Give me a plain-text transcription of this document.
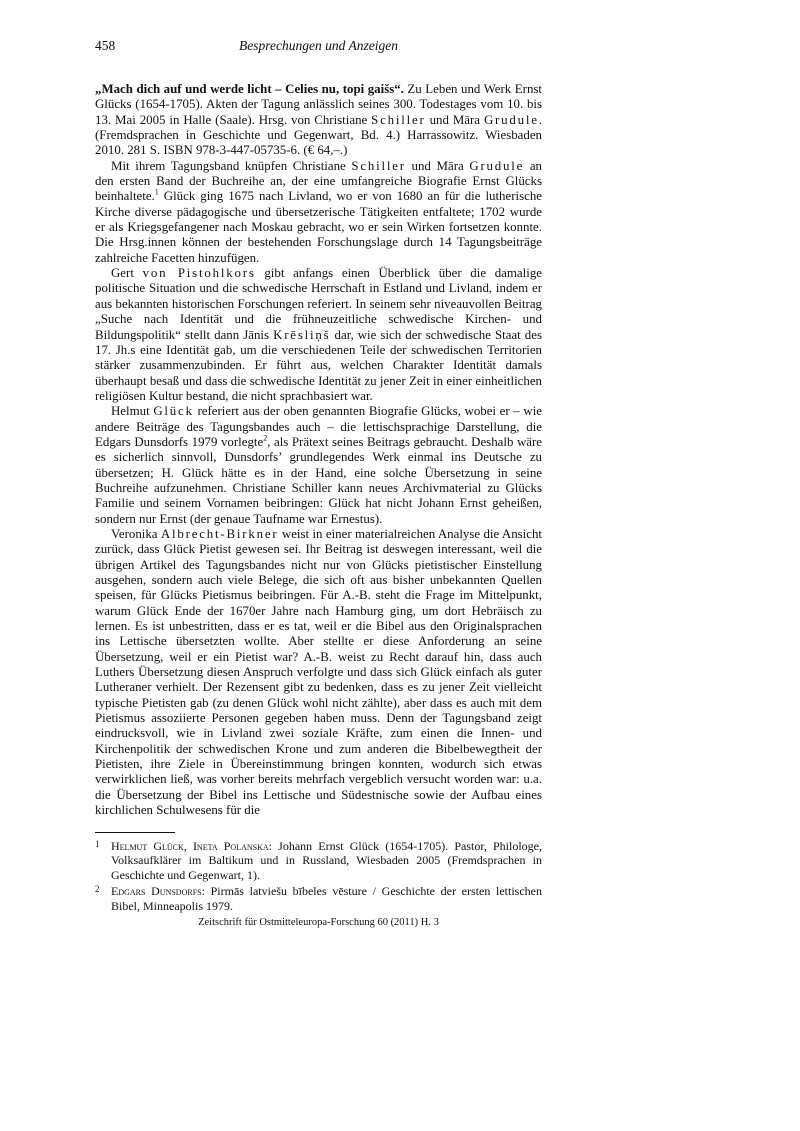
458	Besprechungen und Anzeigen

„Mach dich auf und werde licht – Celies nu, topi gaišs“. Zu Leben und Werk Ernst Glücks (1654-1705). Akten der Tagung anlässlich seines 300. Todestages vom 10. bis 13. Mai 2005 in Halle (Saale). Hrsg. von Christiane Schiller und Māra Grudule. (Fremdsprachen in Geschichte und Gegenwart, Bd. 4.) Harrassowitz. Wiesbaden 2010. 281 S. ISBN 978-3-447-05735-6. (€ 64,–.)

Mit ihrem Tagungsband knüpfen Christiane Schiller und Māra Grudule an den ersten Band der Buchreihe an, der eine umfangreiche Biografie Ernst Glücks beinhaltete.$^1$ Glück ging 1675 nach Livland, wo er von 1680 an für die lutherische Kirche diverse pädagogische und übersetzerische Tätigkeiten entfaltete; 1702 wurde er als Kriegsgefangener nach Moskau gebracht, wo er sein Wirken fortsetzen konnte. Die Hrsg.innen können der bestehenden Forschungslage durch 14 Tagungsbeiträge zahlreiche Facetten hinzufügen.

Gert von Pistohlkors gibt anfangs einen Überblick über die damalige politische Situation und die schwedische Herrschaft in Estland und Livland, indem er aus bekannten historischen Forschungen referiert. In seinem sehr niveauvollen Beitrag „Suche nach Identität und die frühneuzeitliche schwedische Kirchen- und Bildungspolitik“ stellt dann Jānis Krēsliņš dar, wie sich der schwedische Staat des 17. Jh.s eine Identität gab, um die verschiedenen Teile der schwedischen Territorien stärker zusammenzubinden. Er führt aus, welchen Charakter Identität damals überhaupt besaß und dass die schwedische Identität zu jener Zeit in einer einheitlichen religiösen Kultur bestand, die nicht sprachbasiert war.

Helmut Glück referiert aus der oben genannten Biografie Glücks, wobei er – wie andere Beiträge des Tagungsbandes auch – die lettischsprachige Darstellung, die Edgars Dunsdorfs 1979 vorlegte$^2$, als Prätext seines Beitrags gebraucht. Deshalb wäre es sicherlich sinnvoll, Dunsdorfs’ grundlegendes Werk einmal ins Deutsche zu übersetzen; H. Glück hätte es in der Hand, eine solche Übersetzung in seine Buchreihe aufzunehmen. Christiane Schiller kann neues Archivmaterial zu Glücks Familie und seinem Vornamen beibringen: Glück hat nicht Johann Ernst geheißen, sondern nur Ernst (der genaue Taufname war Ernestus).

Veronika Albrecht-Birkner weist in einer materialreichen Analyse die Ansicht zurück, dass Glück Pietist gewesen sei. Ihr Beitrag ist deswegen interessant, weil die übrigen Artikel des Tagungsbandes nicht nur von Glücks pietistischer Einstellung ausgehen, sondern auch viele Belege, die sich oft aus bisher unbekannten Quellen speisen, für Glücks Pietismus beibringen. Für A.-B. steht die Frage im Mittelpunkt, warum Glück Ende der 1670er Jahre nach Hamburg ging, um dort Hebräisch zu lernen. Es ist unbestritten, dass er es tat, weil er die Bibel aus den Originalsprachen ins Lettische übersetzten wollte. Aber stellte er diese Anforderung an seine Übersetzung, weil er ein Pietist war? A.-B. weist zu Recht darauf hin, dass auch Luthers Übersetzung diesen Anspruch verfolgte und dass sich Glück einfach als guter Lutheraner verhielt. Der Rezensent gibt zu bedenken, dass es zu jener Zeit vielleicht typische Pietisten gab (zu denen Glück wohl nicht zählte), aber dass es auch mit dem Pietismus assoziierte Personen gegeben haben muss. Denn der Tagungsband zeigt eindrucksvoll, wie in Livland zwei soziale Kräfte, zum einen die Innen- und Kirchenpolitik der schwedischen Krone und zum anderen die Bibelbewegtheit der Pietisten, ihre Ziele in Übereinstimmung bringen konnten, wodurch sich etwas verwirklichen ließ, was vorher bereits mehrfach vergeblich versucht worden war: u.a. die Übersetzung der Bibel ins Lettische und Südestnische sowie der Aufbau eines kirchlichen Schulwesens für die

1 Helmut Glück, Ineta Polanska: Johann Ernst Glück (1654-1705). Pastor, Philologe, Volksaufklärer im Baltikum und in Russland, Wiesbaden 2005 (Fremdsprachen in Geschichte und Gegenwart, 1).
2 Edgars Dunsdorfs: Pirmās latviešu bībeles vēsture / Geschichte der ersten lettischen Bibel, Minneapolis 1979.
Zeitschrift für Ostmitteleuropa-Forschung 60 (2011) H. 3
